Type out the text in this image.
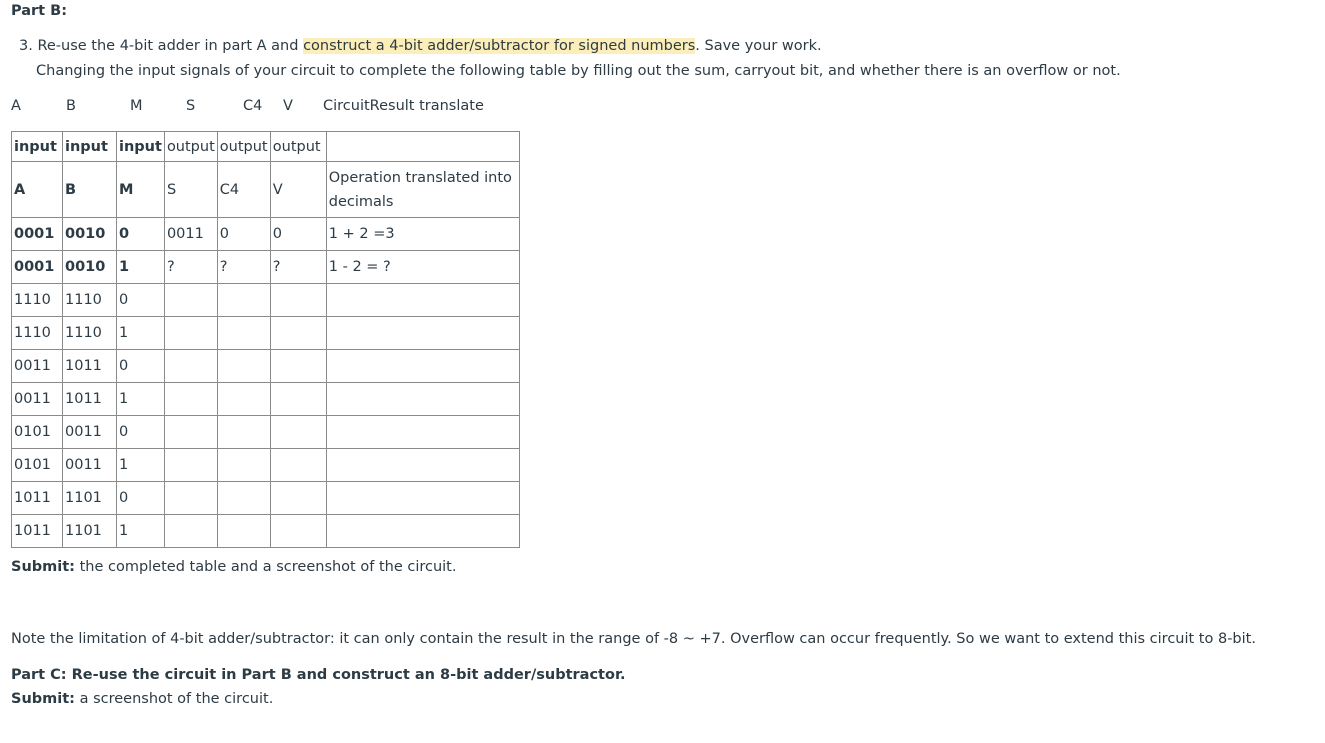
Part B:
3. Re-use the 4-bit adder in part A and construct a 4-bit adder/subtractor for signed numbers. Save your work.
Changing the input signals of your circuit to complete the following table by filling out the sum, carryout bit, and whether there is an overflow or not.
A	B	M	S	C4 V CircuitResult translate
input	input	input	output	output	output	
A	B	M	S	C4	V	Operation translated into decimals
0001	0010	0	0011	0	0	1 + 2 =3
0001	0010	1	?	?	?	1 - 2 = ?
1110	1110	0				
1110	1110	1				
0011	1011	0				
0011	1011	1				
0101	0011	0				
0101	0011	1				
1011	1101	0				
1011	1101	1				
Submit: the completed table and a screenshot of the circuit.
Note the limitation of 4-bit adder/subtractor: it can only contain the result in the range of -8 ~ +7. Overflow can occur frequently. So we want to extend this circuit to 8-bit.
Part C: Re-use the circuit in Part B and construct an 8-bit adder/subtractor.
Submit: a screenshot of the circuit.
